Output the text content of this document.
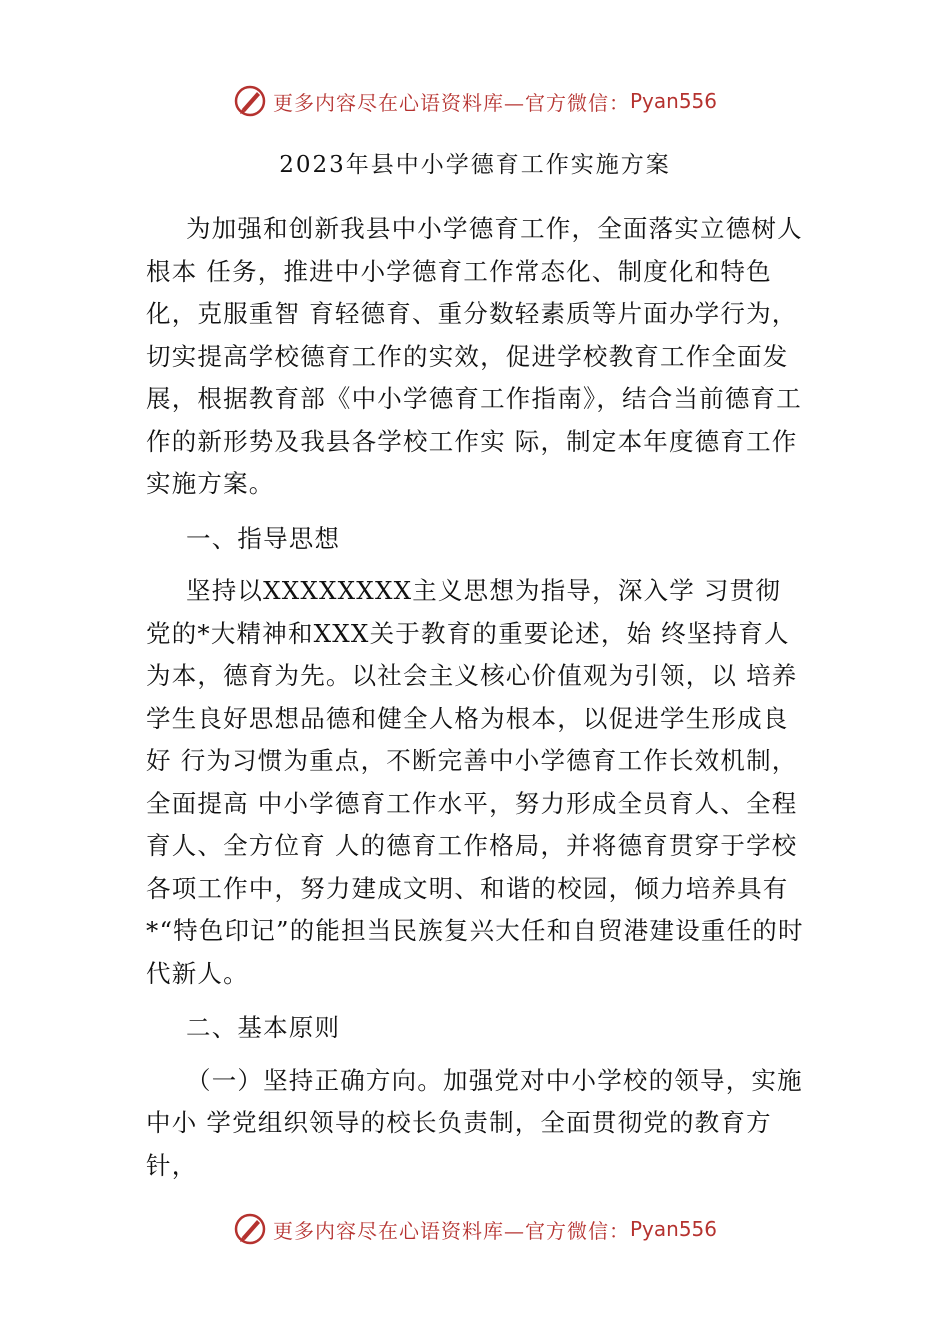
更多内容尽在心语资料库—官方微信： Pyan556
2023年县中小学德育工作实施方案

为加强和创新我县中小学德育工作，全面落实立德树人根本 任务，推进中小学德育工作常态化、制度化和特色化，克服重智 育轻德育、重分数轻素质等片面办学行为，切实提高学校德育工作的实效，促进学校教育工作全面发展，根据教育部《中小学德育工作指南》，结合当前德育工作的新形势及我县各学校工作实 际，制定本年度德育工作实施方案。

一、指导思想

坚持以XXXXXXXX主义思想为指导，深入学 习贯彻党的*大精神和XXX关于教育的重要论述，始 终坚持育人为本，德育为先。以社会主义核心价值观为引领，以 培养学生良好思想品德和健全人格为根本，以促进学生形成良好 行为习惯为重点，不断完善中小学德育工作长效机制，全面提高 中小学德育工作水平，努力形成全员育人、全程育人、全方位育 人的德育工作格局，并将德育贯穿于学校各项工作中，努力建成文明、和谐的校园，倾力培养具有*“特色印记”的能担当民族复兴大任和自贸港建设重任的时代新人。

二、基本原则

（一）坚持正确方向。加强党对中小学校的领导，实施中小 学党组织领导的校长负责制，全面贯彻党的教育方针，

更多内容尽在心语资料库—官方微信： Pyan556
